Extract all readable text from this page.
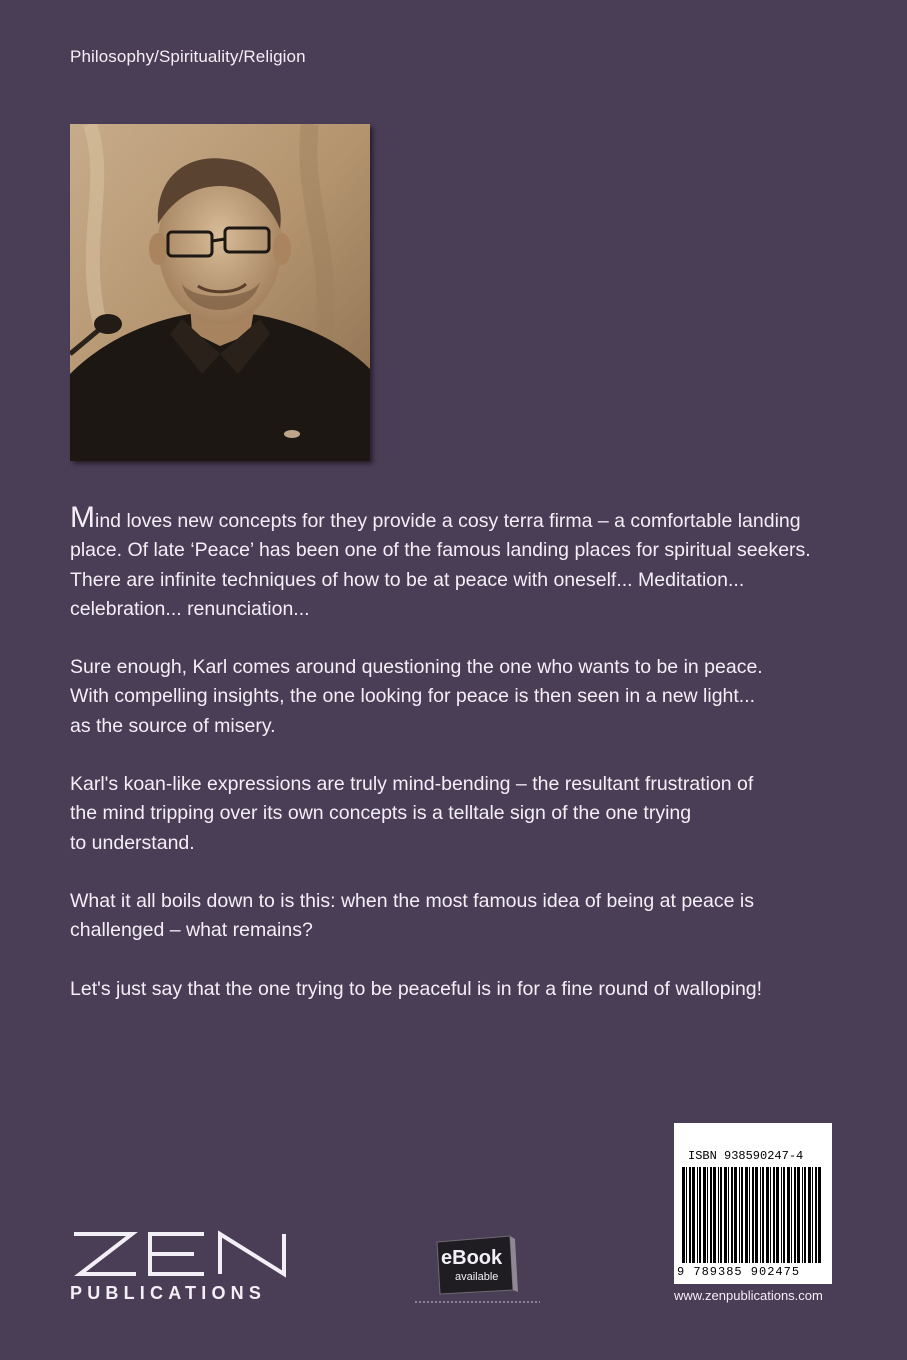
Philosophy/Spirituality/Religion

Mind loves new concepts for they provide a cosy terra firma – a comfortable landing
place. Of late ‘Peace’ has been one of the famous landing places for spiritual seekers.
There are infinite techniques of how to be at peace with oneself... Meditation...
celebration... renunciation...

Sure enough, Karl comes around questioning the one who wants to be in peace.
With compelling insights, the one looking for peace is then seen in a new light...
as the source of misery.

Karl's koan-like expressions are truly mind-bending – the resultant frustration of
the mind tripping over its own concepts is a telltale sign of the one trying
to understand.

What it all boils down to is this: when the most famous idea of being at peace is
challenged – what remains?

Let's just say that the one trying to be peaceful is in for a fine round of walloping!

PUBLICATIONS
eBook
available
ISBN 938590247-4
9 789385 902475
www.zenpublications.com
